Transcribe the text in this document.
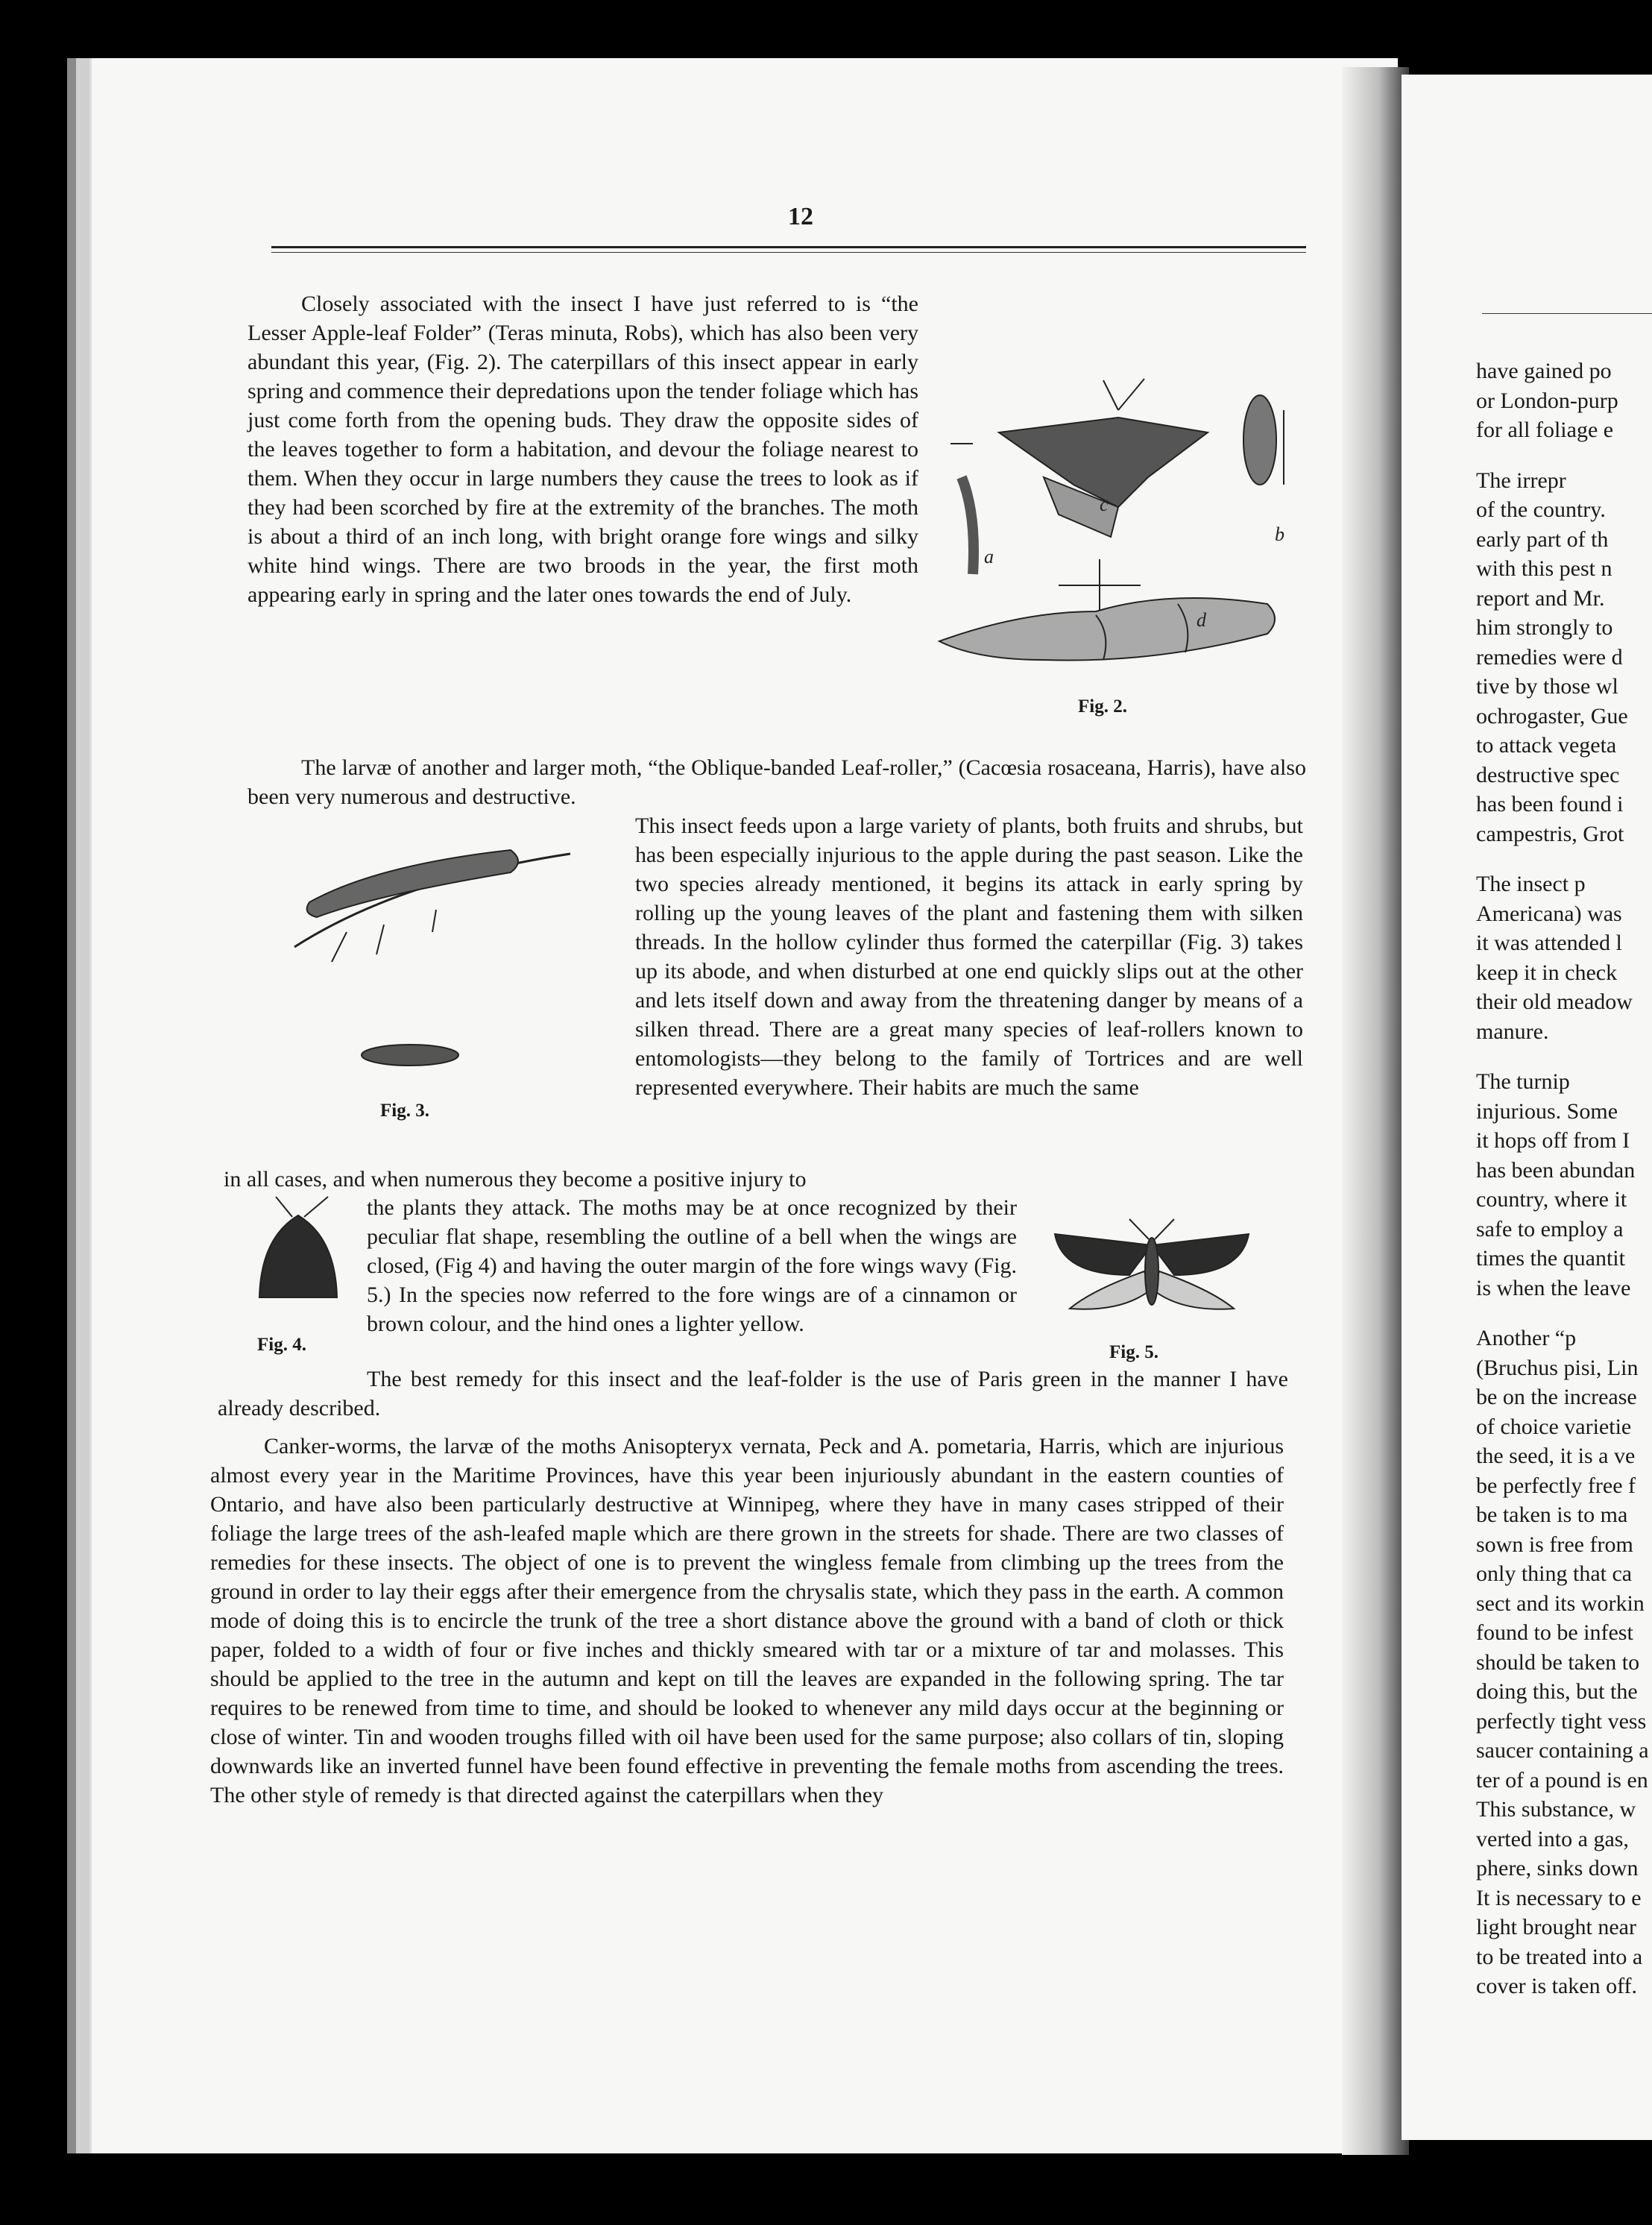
12

Closely associated with the insect I have just referred to is “the Lesser Apple-leaf Folder” (Teras minuta, Robs), which has also been very abundant this year, (Fig. 2). The caterpillars of this insect appear in early spring and commence their depredations upon the tender foliage which has just come forth from the opening buds. They draw the opposite sides of the leaves together to form a habitation, and devour the foliage nearest to them. When they occur in large numbers they cause the trees to look as if they had been scorched by fire at the extremity of the branches. The moth is about a third of an inch long, with bright orange fore wings and silky white hind wings. There are two broods in the year, the first moth appearing early in spring and the later ones towards the end of July.

a
b
c
d
Fig. 2.

The larvæ of another and larger moth, “the Oblique-banded Leaf-roller,” (Cacœsia rosaceana, Harris), have also been very numerous and destructive.

Fig. 3.

This insect feeds upon a large variety of plants, both fruits and shrubs, but has been especially injurious to the apple during the past season. Like the two species already mentioned, it begins its attack in early spring by rolling up the young leaves of the plant and fastening them with silken threads. In the hollow cylinder thus formed the caterpillar (Fig. 3) takes up its abode, and when disturbed at one end quickly slips out at the other and lets itself down and away from the threatening danger by means of a silken thread. There are a great many species of leaf-rollers known to entomologists—they belong to the family of Tortrices and are well represented everywhere. Their habits are much the same

in all cases, and when numerous they become a positive injury to

Fig. 4.

the plants they attack. The moths may be at once recognized by their peculiar flat shape, resembling the outline of a bell when the wings are closed, (Fig 4) and having the outer margin of the fore wings wavy (Fig. 5.) In the species now referred to the fore wings are of a cinnamon or brown colour, and the hind ones a lighter yellow.

Fig. 5.

The best remedy for this insect and the leaf-folder is the use of Paris green in the manner I have already described.

Canker-worms, the larvæ of the moths Anisopteryx vernata, Peck and A. pometaria, Harris, which are injurious almost every year in the Maritime Provinces, have this year been injuriously abundant in the eastern counties of Ontario, and have also been particularly destructive at Winnipeg, where they have in many cases stripped of their foliage the large trees of the ash-leafed maple which are there grown in the streets for shade. There are two classes of remedies for these insects. The object of one is to prevent the wingless female from climbing up the trees from the ground in order to lay their eggs after their emergence from the chrysalis state, which they pass in the earth. A common mode of doing this is to encircle the trunk of the tree a short distance above the ground with a band of cloth or thick paper, folded to a width of four or five inches and thickly smeared with tar or a mixture of tar and molasses. This should be applied to the tree in the autumn and kept on till the leaves are expanded in the following spring. The tar requires to be renewed from time to time, and should be looked to whenever any mild days occur at the beginning or close of winter. Tin and wooden troughs filled with oil have been used for the same purpose; also collars of tin, sloping downwards like an inverted funnel have been found effective in preventing the female moths from ascending the trees. The other style of remedy is that directed against the caterpillars when they

have gained po
or London-purp
for all foliage e
The irrepr
of the country.
early part of th
with this pest n
report and Mr.
him strongly to
remedies were d
tive by those wl
ochrogaster, Gue
to attack vegeta
destructive spec
has been found i
campestris, Grot
The insect p
Americana) was
it was attended l
keep it in check
their old meadow
manure.
The turnip
injurious. Some
it hops off from I
has been abundan
country, where it
safe to employ a
times the quantit
is when the leave
Another “p
(Bruchus pisi, Lin
be on the increase
of choice varietie
the seed, it is a ve
be perfectly free f
be taken is to ma
sown is free from
only thing that ca
sect and its workin
found to be infest
should be taken to
doing this, but the
perfectly tight vess
saucer containing a
ter of a pound is en
This substance, w
verted into a gas,
phere, sinks down
It is necessary to e
light brought near
to be treated into a
cover is taken off.
